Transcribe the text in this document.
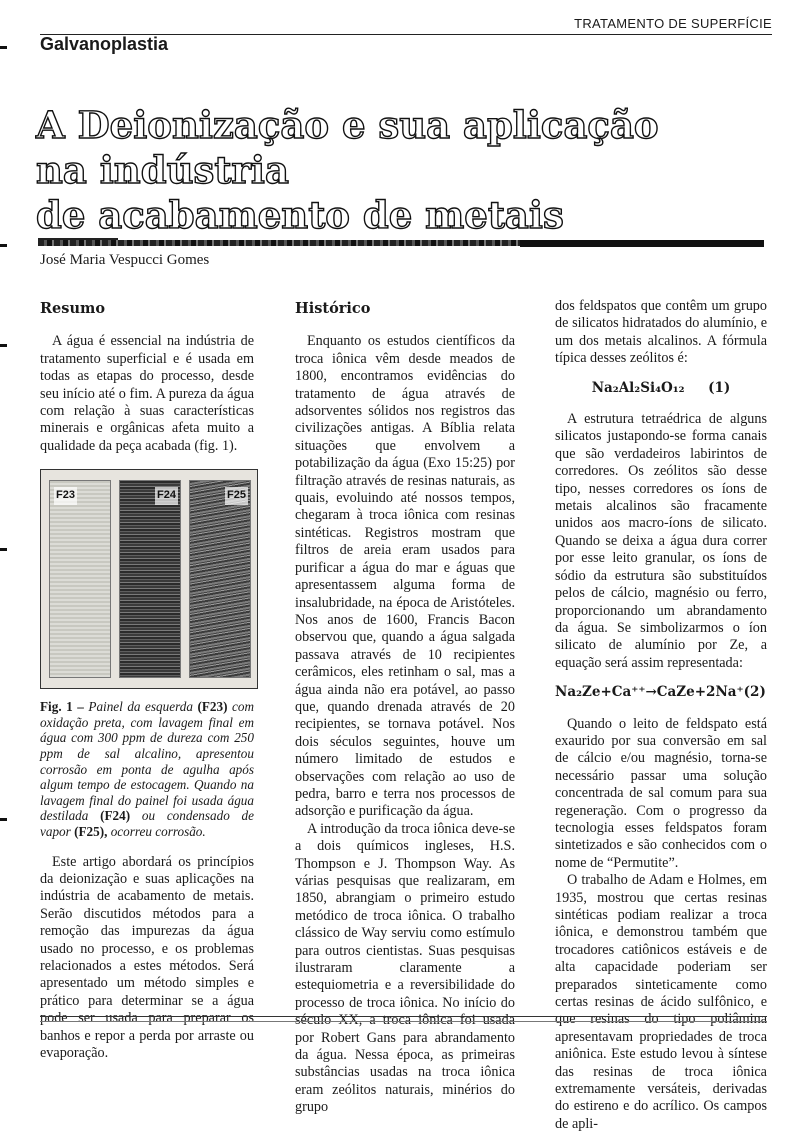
TRATAMENTO DE SUPERFÍCIE
Galvanoplastia
A Deionização e sua aplicação
na indústria
de acabamento de metais
José Maria Vespucci Gomes
Resumo

A água é essencial na indústria de tratamento superficial e é usada em todas as etapas do processo, desde seu início até o fim. A pureza da água com relação à suas características minerais e orgânicas afeta muito a qualidade da peça acabada (fig. 1).

F23	F24	F25
Fig. 1 – Painel da esquerda (F23) com oxidação preta, com lavagem final em água com 300 ppm de dureza com 250 ppm de sal alcalino, apresentou corrosão em ponta de agulha após algum tempo de estocagem. Quando na lavagem final do painel foi usada água destilada (F24) ou condensado de vapor (F25), ocorreu corrosão.

Este artigo abordará os princípios da deionização e suas aplicações na indústria de acabamento de metais. Serão discutidos métodos para a remoção das impurezas da água usado no processo, e os problemas relacionados a estes métodos. Será apresentado um método simples e prático para determinar se a água pode ser usada para preparar os banhos e repor a perda por arraste ou evaporação.

Histórico

Enquanto os estudos científicos da troca iônica vêm desde meados de 1800, encontramos evidências do tratamento de água através de adsorventes sólidos nos registros das civilizações antigas. A Bíblia relata situações que envolvem a potabilização da água (Exo 15:25) por filtração através de resinas naturais, as quais, evoluindo até nossos tempos, chegaram à troca iônica com resinas sintéticas. Registros mostram que filtros de areia eram usados para purificar a água do mar e águas que apresentassem alguma forma de insalubridade, na época de Aristóteles. Nos anos de 1600, Francis Bacon observou que, quando a água salgada passava através de 10 recipientes cerâmicos, eles retinham o sal, mas a água ainda não era potável, ao passo que, quando drenada através de 20 recipientes, se tornava potável. Nos dois séculos seguintes, houve um número limitado de estudos e observações com relação ao uso de pedra, barro e terra nos processos de adsorção e purificação da água.

A introdução da troca iônica deve-se a dois químicos ingleses, H.S. Thompson e J. Thompson Way. As várias pesquisas que realizaram, em 1850, abrangiam o primeiro estudo metódico de troca iônica. O trabalho clássico de Way serviu como estímulo para outros cientistas. Suas pesquisas ilustraram claramente a estequiometria e a reversibilidade do processo de troca iônica. No início do século XX, a troca iônica foi usada por Robert Gans para abrandamento da água. Nessa época, as primeiras substâncias usadas na troca iônica eram zeólitos naturais, minérios do grupo

dos feldspatos que contêm um grupo de silicatos hidratados do alumínio, e um dos metais alcalinos. A fórmula típica desses zeólitos é:

Na₂Al₂Si₄O₁₂ (1)

A estrutura tetraédrica de alguns silicatos justapondo-se forma canais que são verdadeiros labirintos de corredores. Os zeólitos são desse tipo, nesses corredores os íons de metais alcalinos são fracamente unidos aos macro-íons de silicato. Quando se deixa a água dura correr por esse leito granular, os íons de sódio da estrutura são substituídos pelos de cálcio, magnésio ou ferro, proporcionando um abrandamento da água. Se simbolizarmos o íon silicato de alumínio por Ze, a equação será assim representada:

Na₂Ze+Ca⁺⁺→CaZe+2Na⁺(2)

Quando o leito de feldspato está exaurido por sua conversão em sal de cálcio e/ou magnésio, torna-se necessário passar uma solução concentrada de sal comum para sua regeneração. Com o progresso da tecnologia esses feldspatos foram sintetizados e são conhecidos com o nome de “Permutite”.

O trabalho de Adam e Holmes, em 1935, mostrou que certas resinas sintéticas podiam realizar a troca iônica, e demonstrou também que trocadores catiônicos estáveis e de alta capacidade poderiam ser preparados sinteticamente como certas resinas de ácido sulfônico, e que resinas do tipo poliâmina apresentavam propriedades de troca aniônica. Este estudo levou à síntese das resinas de troca iônica extremamente versáteis, derivadas do estireno e do acrílico. Os campos de apli-
